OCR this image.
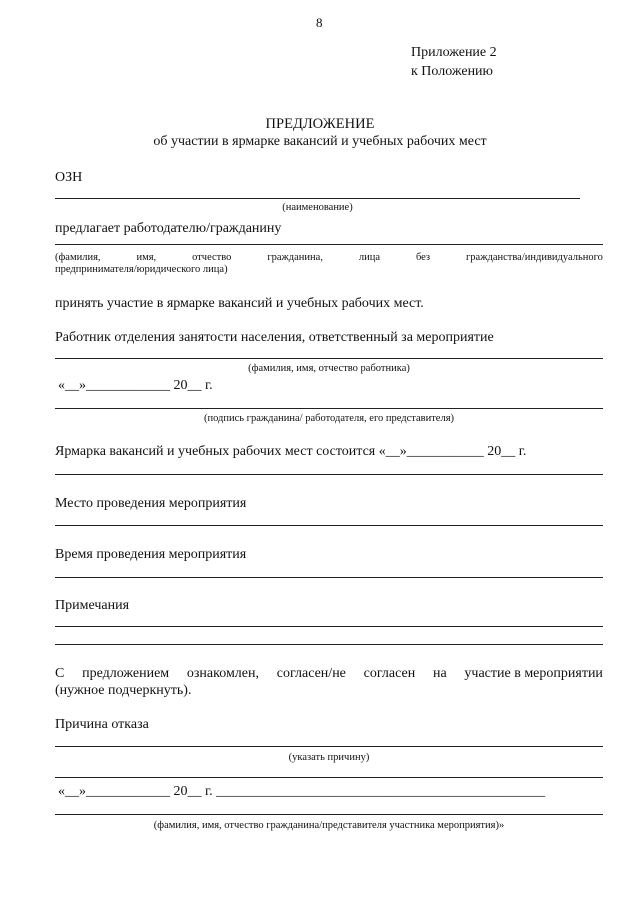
8
Приложение 2
к Положению
ПРЕДЛОЖЕНИЕ
об участии в ярмарке вакансий и учебных рабочих мест
ОЗН
(наименование)
предлагает работодателю/гражданину
(фамилия,	имя,	отчество	гражданина,	лица	без	гражданства/индивидуального
предпринимателя/юридического лица)
принять участие в ярмарке вакансий и учебных рабочих мест.
Работник отделения занятости населения, ответственный за мероприятие
(фамилия, имя, отчество работника)
«__»____________ 20__ г.
(подпись гражданина/ работодателя, его представителя)
Ярмарка вакансий и учебных рабочих мест состоится «__»___________ 20__ г.
Место проведения мероприятия
Время проведения мероприятия
Примечания
С предложением ознакомлен, согласен/не согласен на участие в мероприятии
(нужное подчеркнуть).
Причина отказа
(указать причину)
«__»____________ 20__ г. _______________________________________________
(фамилия, имя, отчество гражданина/представителя участника мероприятия)»
